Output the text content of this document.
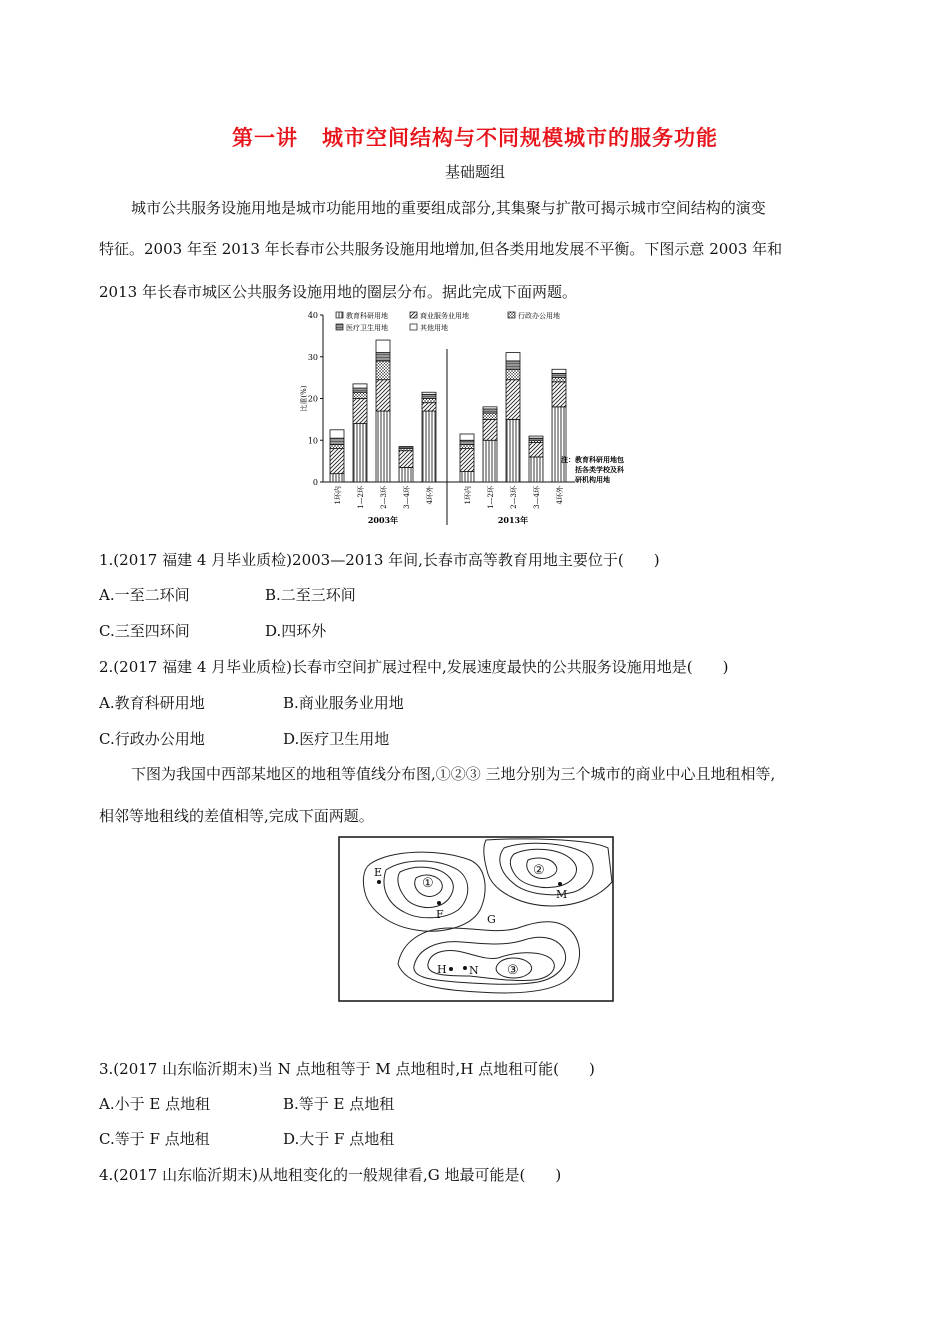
第一讲 城市空间结构与不同规模城市的服务功能
基础题组
城市公共服务设施用地是城市功能用地的重要组成部分,其集聚与扩散可揭示城市空间结构的演变
特征。2003 年至 2013 年长春市公共服务设施用地增加,但各类用地发展不平衡。下图示意 2003 年和
2013 年长春市城区公共服务设施用地的圈层分布。据此完成下面两题。
0
10
20
30
40
比重(%)
教育科研用地	商业服务业用地	行政办公用地
医疗卫生用地	其他用地
1环内 1—2环 2—3环 3—4环 4环外
2003年
1环内 1—2环 2—3环 3—4环 4环外
2013年
注：教育科研用地包
括各类学校及科
研机构用地
1.(2017 福建 4 月毕业质检)2003—2013 年间,长春市高等教育用地主要位于(　　)
A.一至二环间	B.二至三环间
C.三至四环间	D.四环外
2.(2017 福建 4 月毕业质检)长春市空间扩展过程中,发展速度最快的公共服务设施用地是(　　)
A.教育科研用地	B.商业服务业用地
C.行政办公用地	D.医疗卫生用地
下图为我国中西部某地区的地租等值线分布图,①②③ 三地分别为三个城市的商业中心且地租相等,
相邻等地租线的差值相等,完成下面两题。
①
②
③
E
F	G
H
M
N
3.(2017 山东临沂期末)当 N 点地租等于 M 点地租时,H 点地租可能(　　)
A.小于 E 点地租	B.等于 E 点地租
C.等于 F 点地租	D.大于 F 点地租
4.(2017 山东临沂期末)从地租变化的一般规律看,G 地最可能是(　　)
